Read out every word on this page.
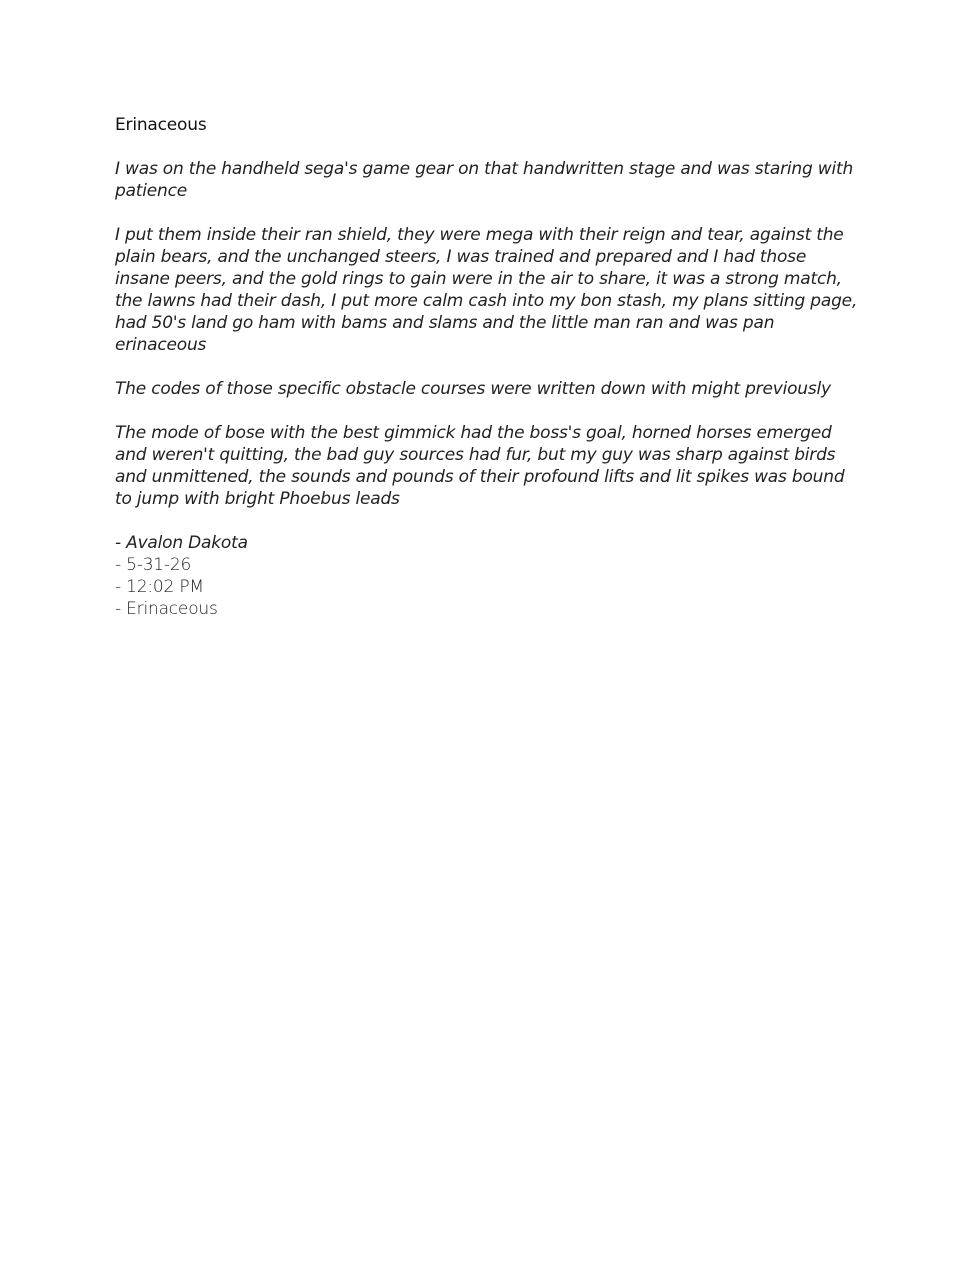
Erinaceous

I was on the handheld sega's game gear on that handwritten stage and was staring with patience

I put them inside their ran shield, they were mega with their reign and tear, against the plain bears, and the unchanged steers, I was trained and prepared and I had those insane peers, and the gold rings to gain were in the air to share, it was a strong match, the lawns had their dash, I put more calm cash into my bon stash, my plans sitting page, had 50's land go ham with bams and slams and the little man ran and was pan erinaceous

The codes of those specific obstacle courses were written down with might previously

The mode of bose with the best gimmick had the boss's goal, horned horses emerged and weren't quitting, the bad guy sources had fur, but my guy was sharp against birds and unmittened, the sounds and pounds of their profound lifts and lit spikes was bound to jump with bright Phoebus leads

- Avalon Dakota

- 5-31-26

- 12:02 PM

- Erinaceous
